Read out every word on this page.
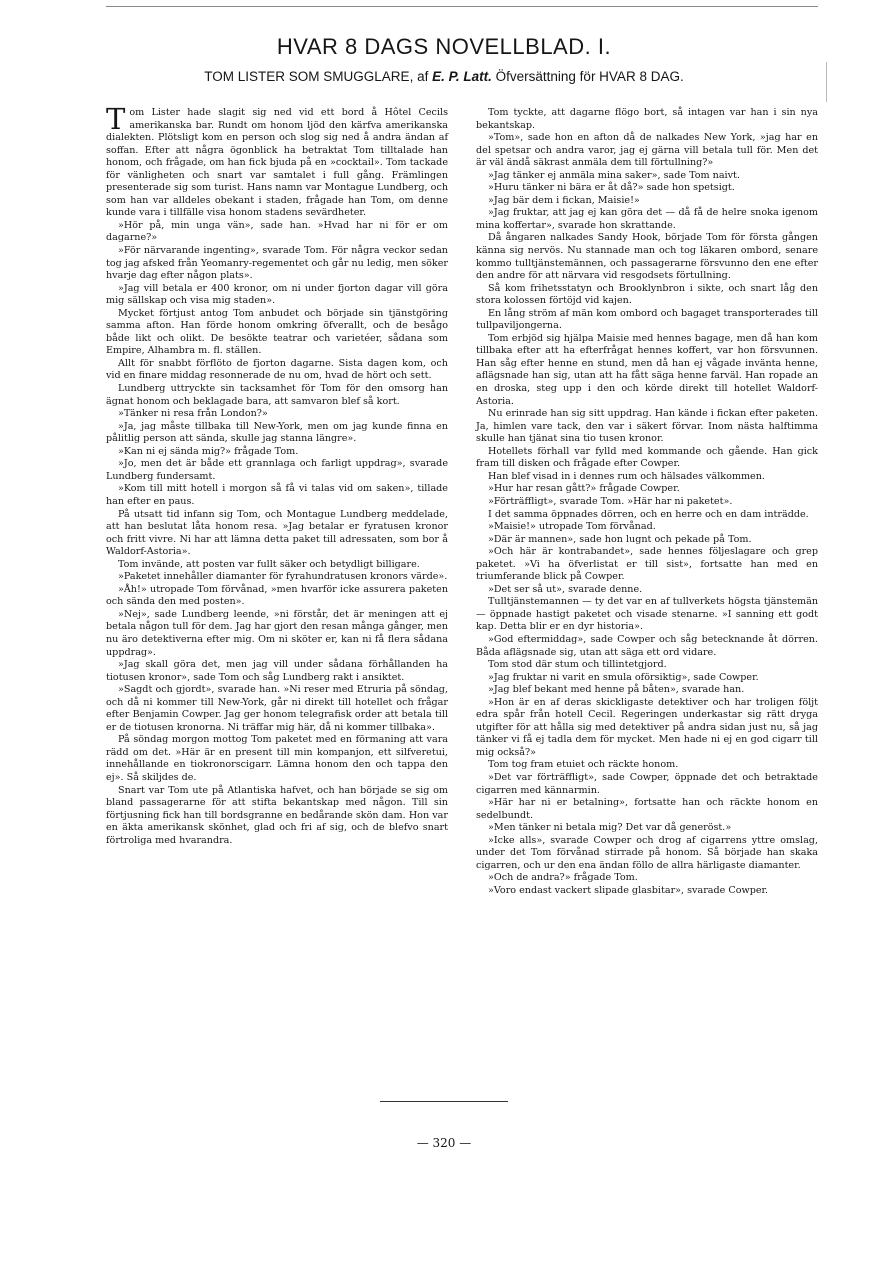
HVAR 8 DAGS NOVELLBLAD. I.
TOM LISTER SOM SMUGGLARE, af E. P. Latt. Öfversättning för HVAR 8 DAG.

Tom Lister hade slagit sig ned vid ett bord å Hôtel Cecils amerikanska bar. Rundt om honom ljöd den kärfva amerikanska dialekten. Plötsligt kom en person och slog sig ned å andra ändan af soffan. Efter att några ögonblick ha betraktat Tom tilltalade han honom, och frågade, om han fick bjuda på en »cocktail». Tom tackade för vänligheten och snart var samtalet i full gång. Främlingen presenterade sig som turist. Hans namn var Montague Lundberg, och som han var alldeles obekant i staden, frågade han Tom, om denne kunde vara i tillfälle visa honom stadens sevärdheter.

»Hör på, min unga vän», sade han. »Hvad har ni för er om dagarne?»

»För närvarande ingenting», svarade Tom. För några veckor sedan tog jag afsked från Yeomanry-regementet och går nu ledig, men söker hvarje dag efter någon plats».

»Jag vill betala er 400 kronor, om ni under fjorton dagar vill göra mig sällskap och visa mig staden».

Mycket förtjust antog Tom anbudet och började sin tjänstgöring samma afton. Han förde honom omkring öfverallt, och de besågo både likt och olikt. De besökte teatrar och varietéer, sådana som Empire, Alhambra m. fl. ställen.

Allt för snabbt förflöto de fjorton dagarne. Sista dagen kom, och vid en finare middag resonnerade de nu om, hvad de hört och sett.

Lundberg uttryckte sin tacksamhet för Tom för den omsorg han ägnat honom och beklagade bara, att samvaron blef så kort.

»Tänker ni resa från London?»

»Ja, jag måste tillbaka till New-York, men om jag kunde finna en pålitlig person att sända, skulle jag stanna längre».

»Kan ni ej sända mig?» frågade Tom.

»Jo, men det är både ett grannlaga och farligt uppdrag», svarade Lundberg fundersamt.

»Kom till mitt hotell i morgon så få vi talas vid om saken», tillade han efter en paus.

På utsatt tid infann sig Tom, och Montague Lundberg meddelade, att han beslutat låta honom resa. »Jag betalar er fyratusen kronor och fritt vivre. Ni har att lämna detta paket till adressaten, som bor å Waldorf-Astoria».

Tom invände, att posten var fullt säker och betydligt billigare.

»Paketet innehåller diamanter för fyrahundratusen kronors värde».

»Åh!» utropade Tom förvånad, »men hvarför icke assurera paketen och sända den med posten».

»Nej», sade Lundberg leende, »ni förstår, det är meningen att ej betala någon tull för dem. Jag har gjort den resan många gånger, men nu äro detektiverna efter mig. Om ni sköter er, kan ni få flera sådana uppdrag».

»Jag skall göra det, men jag vill under sådana förhållanden ha tiotusen kronor», sade Tom och såg Lundberg rakt i ansiktet.

»Sagdt och gjordt», svarade han. »Ni reser med Etruria på söndag, och då ni kommer till New-York, går ni direkt till hotellet och frågar efter Benjamin Cowper. Jag ger honom telegrafisk order att betala till er de tiotusen kronorna. Ni träffar mig här, då ni kommer tillbaka».

På söndag morgon mottog Tom paketet med en förmaning att vara rädd om det. »Här är en present till min kompanjon, ett silfveretui, innehållande en tiokronorscigarr. Lämna honom den och tappa den ej». Så skiljdes de.

Snart var Tom ute på Atlantiska hafvet, och han började se sig om bland passagerarne för att stifta bekantskap med någon. Till sin förtjusning fick han till bordsgranne en bedårande skön dam. Hon var en äkta amerikansk skönhet, glad och fri af sig, och de blefvo snart förtroliga med hvarandra.

Tom tyckte, att dagarne flögo bort, så intagen var han i sin nya bekantskap.

»Tom», sade hon en afton då de nalkades New York, »jag har en del spetsar och andra varor, jag ej gärna vill betala tull för. Men det är väl ändå säkrast anmäla dem till förtullning?»

»Jag tänker ej anmäla mina saker», sade Tom naivt.

»Huru tänker ni bära er åt då?» sade hon spetsigt.

»Jag bär dem i fickan, Maisie!»

»Jag fruktar, att jag ej kan göra det — då få de helre snoka igenom mina koffertar», svarade hon skrattande.

Då ångaren nalkades Sandy Hook, började Tom för första gången känna sig nervös. Nu stannade man och tog läkaren ombord, senare kommo tulltjänstemännen, och passagerarne försvunno den ene efter den andre för att närvara vid resgodsets förtullning.

Så kom frihetsstatyn och Brooklynbron i sikte, och snart låg den stora kolossen förtöjd vid kajen.

En lång ström af män kom ombord och bagaget transporterades till tullpaviljongerna.

Tom erbjöd sig hjälpa Maisie med hennes bagage, men då han kom tillbaka efter att ha efterfrågat hennes koffert, var hon försvunnen. Han såg efter henne en stund, men då han ej vågade invänta henne, aflägsnade han sig, utan att ha fått säga henne farväl. Han ropade an en droska, steg upp i den och körde direkt till hotellet Waldorf-Astoria.

Nu erinrade han sig sitt uppdrag. Han kände i fickan efter paketen. Ja, himlen vare tack, den var i säkert förvar. Inom nästa halftimma skulle han tjänat sina tio tusen kronor.

Hotellets förhall var fylld med kommande och gående. Han gick fram till disken och frågade efter Cowper.

Han blef visad in i dennes rum och hälsades välkommen.

»Hur har resan gått?» frågade Cowper.

»Förträffligt», svarade Tom. »Här har ni paketet».

I det samma öppnades dörren, och en herre och en dam inträdde.

»Maisie!» utropade Tom förvånad.

»Där är mannen», sade hon lugnt och pekade på Tom.

»Och här är kontrabandet», sade hennes följeslagare och grep paketet. »Vi ha öfverlistat er till sist», fortsatte han med en triumferande blick på Cowper.

»Det ser så ut», svarade denne.

Tulltjänstemannen — ty det var en af tullverkets högsta tjänstemän — öppnade hastigt paketet och visade stenarne. »I sanning ett godt kap. Detta blir er en dyr historia».

»God eftermiddag», sade Cowper och såg betecknande åt dörren. Båda aflägsnade sig, utan att säga ett ord vidare.

Tom stod där stum och tillintetgjord.

»Jag fruktar ni varit en smula oförsiktig», sade Cowper.

»Jag blef bekant med henne på båten», svarade han.

»Hon är en af deras skickligaste detektiver och har troligen följt edra spår från hotell Cecil. Regeringen underkastar sig rätt dryga utgifter för att hålla sig med detektiver på andra sidan just nu, så jag tänker vi få ej tadla dem för mycket. Men hade ni ej en god cigarr till mig också?»

Tom tog fram etuiet och räckte honom.

»Det var förträffligt», sade Cowper, öppnade det och betraktade cigarren med kännarmin.

»Här har ni er betalning», fortsatte han och räckte honom en sedelbundt.

»Men tänker ni betala mig? Det var då generöst.»

»Icke alls», svarade Cowper och drog af cigarrens yttre omslag, under det Tom förvånad stirrade på honom. Så började han skaka cigarren, och ur den ena ändan föllo de allra härligaste diamanter.

»Och de andra?» frågade Tom.

»Voro endast vackert slipade glasbitar», svarade Cowper.

— 320 —
